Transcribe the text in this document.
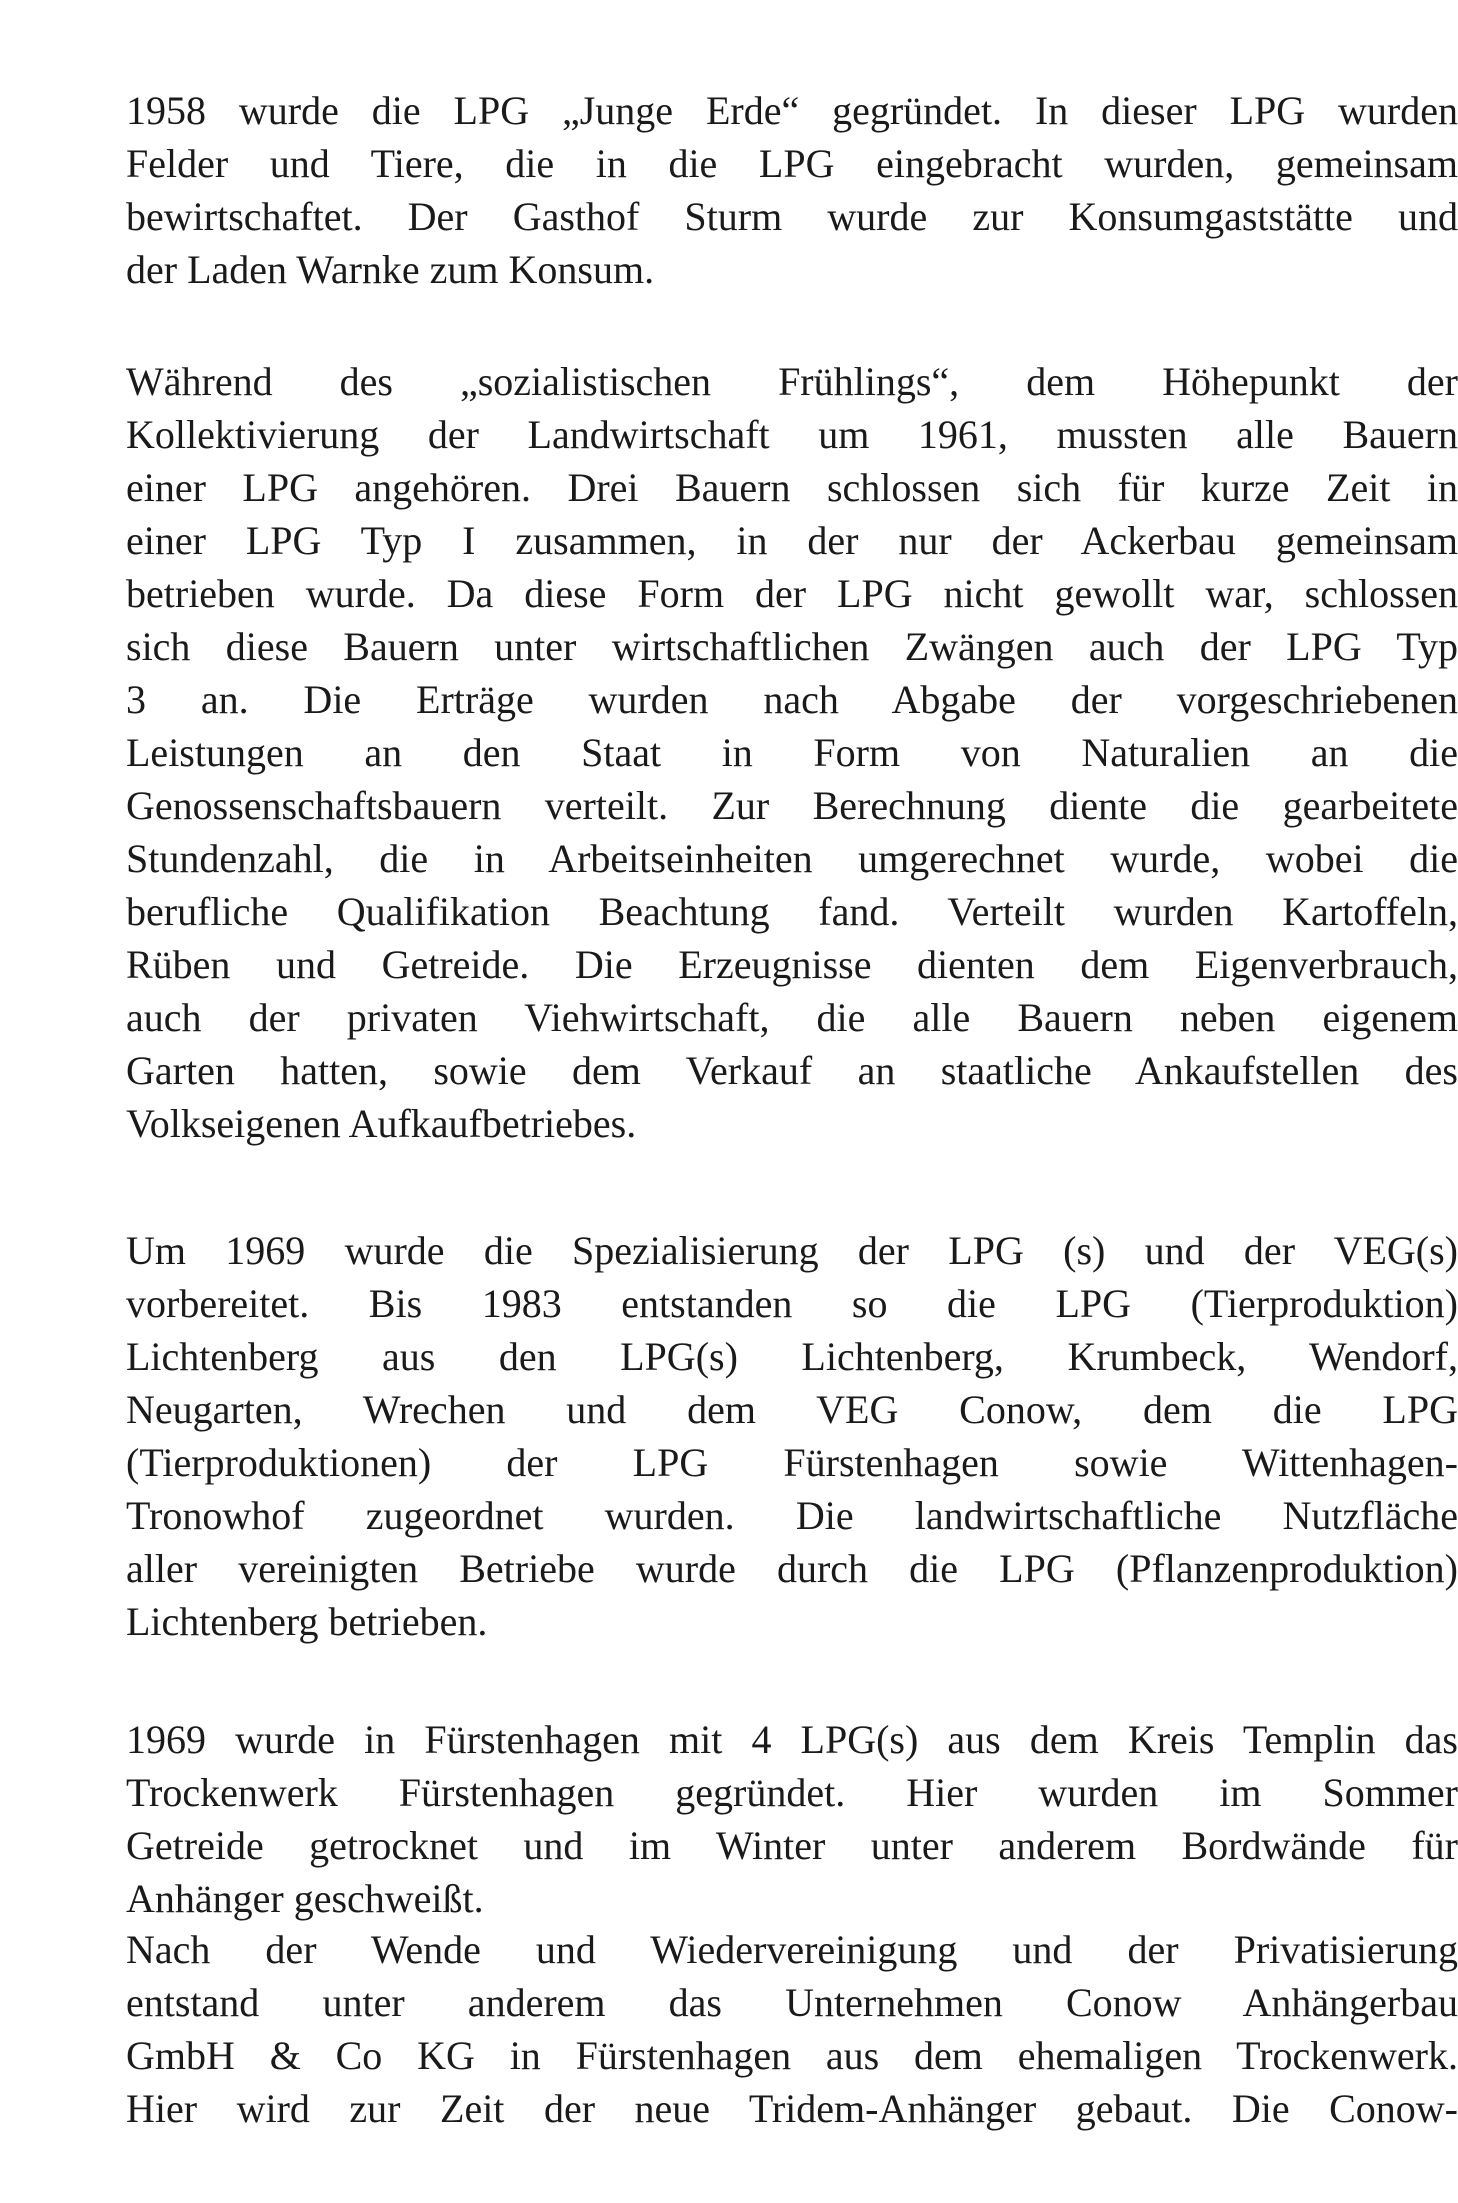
1958 wurde die LPG „Junge Erde“ gegründet. In dieser LPG wurden
Felder und Tiere, die in die LPG eingebracht wurden, gemeinsam
bewirtschaftet. Der Gasthof Sturm wurde zur Konsumgaststätte und
der Laden Warnke zum Konsum.
Während des „sozialistischen Frühlings“, dem Höhepunkt der
Kollektivierung der Landwirtschaft um 1961, mussten alle Bauern
einer LPG angehören. Drei Bauern schlossen sich für kurze Zeit in
einer LPG Typ I zusammen, in der nur der Ackerbau gemeinsam
betrieben wurde. Da diese Form der LPG nicht gewollt war, schlossen
sich diese Bauern unter wirtschaftlichen Zwängen auch der LPG Typ
3 an. Die Erträge wurden nach Abgabe der vorgeschriebenen
Leistungen an den Staat in Form von Naturalien an die
Genossenschaftsbauern verteilt. Zur Berechnung diente die gearbeitete
Stundenzahl, die in Arbeitseinheiten umgerechnet wurde, wobei die
berufliche Qualifikation Beachtung fand. Verteilt wurden Kartoffeln,
Rüben und Getreide. Die Erzeugnisse dienten dem Eigenverbrauch,
auch der privaten Viehwirtschaft, die alle Bauern neben eigenem
Garten hatten, sowie dem Verkauf an staatliche Ankaufstellen des
Volkseigenen Aufkaufbetriebes.
Um 1969 wurde die Spezialisierung der LPG (s) und der VEG(s)
vorbereitet. Bis 1983 entstanden so die LPG (Tierproduktion)
Lichtenberg aus den LPG(s) Lichtenberg, Krumbeck, Wendorf,
Neugarten, Wrechen und dem VEG Conow, dem die LPG
(Tierproduktionen) der LPG Fürstenhagen sowie Wittenhagen-
Tronowhof zugeordnet wurden. Die landwirtschaftliche Nutzfläche
aller vereinigten Betriebe wurde durch die LPG (Pflanzenproduktion)
Lichtenberg betrieben.
1969 wurde in Fürstenhagen mit 4 LPG(s) aus dem Kreis Templin das
Trockenwerk Fürstenhagen gegründet. Hier wurden im Sommer
Getreide getrocknet und im Winter unter anderem Bordwände für
Anhänger geschweißt.
Nach der Wende und Wiedervereinigung und der Privatisierung
entstand unter anderem das Unternehmen Conow Anhängerbau
GmbH & Co KG in Fürstenhagen aus dem ehemaligen Trockenwerk.
Hier wird zur Zeit der neue Tridem-Anhänger gebaut. Die Conow-
